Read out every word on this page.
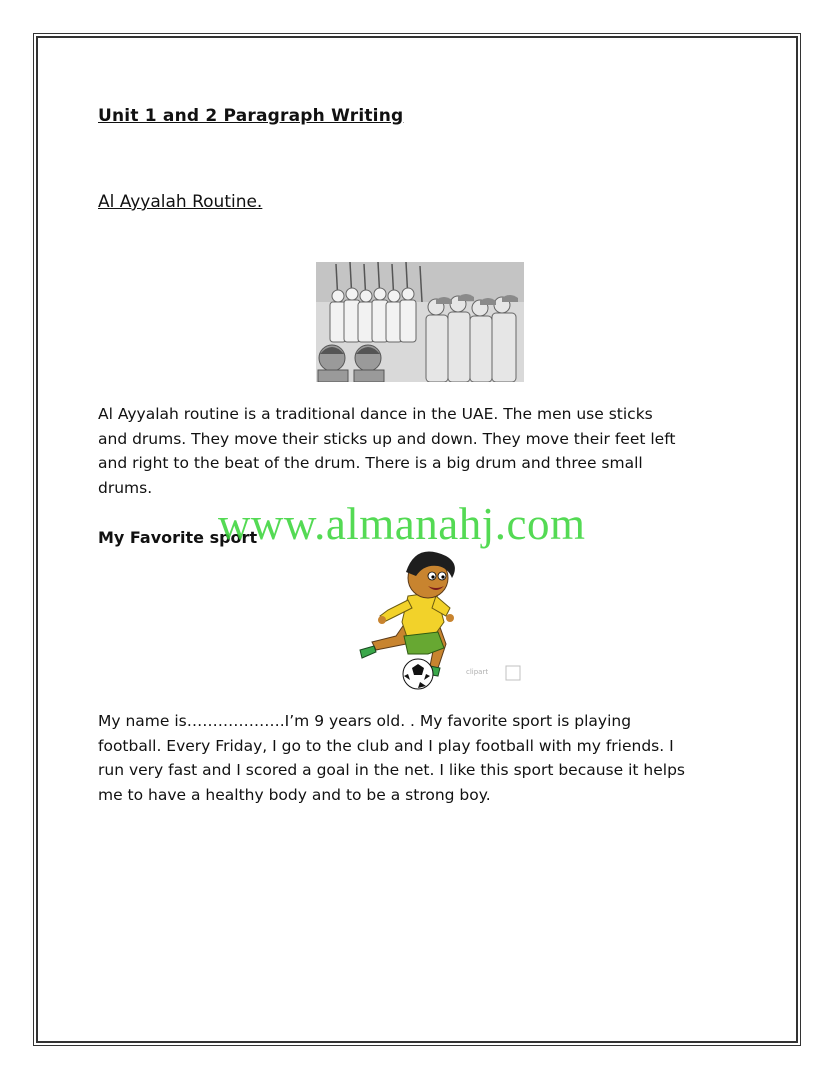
Unit 1 and 2 Paragraph Writing
Al Ayyalah Routine.

Al Ayyalah routine is a traditional dance in the UAE. The men use sticks and drums. They move their sticks up and down. They move their feet left and right to the beat of the drum. There is a big drum and three small drums.

My Favorite sport
clipart

My name is……………….I’m 9 years old. . My favorite sport is playing football. Every Friday, I go to the club and I play football with my friends. I run very fast and I scored a goal in the net. I like this sport because it helps me to have a healthy body and to be a strong boy.

www.almanahj.com
